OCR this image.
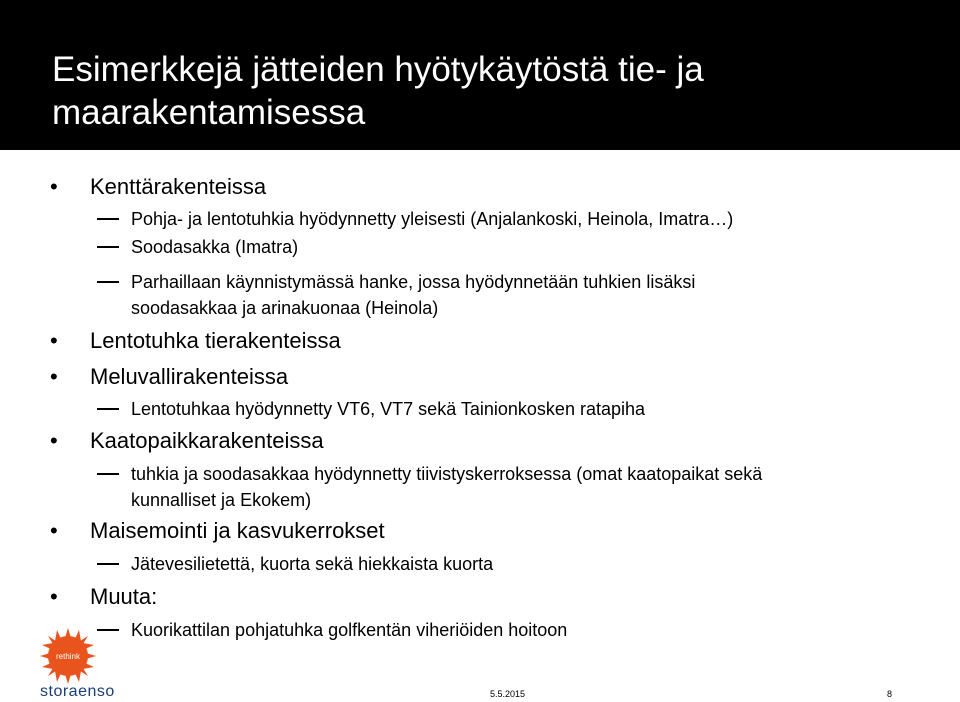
Esimerkkejä jätteiden hyötykäytöstä tie- ja
maarakentamisessa
• Kenttärakenteissa
Pohja- ja lentotuhkia hyödynnetty yleisesti (Anjalankoski, Heinola, Imatra…)
Soodasakka (Imatra)
Parhaillaan käynnistymässä hanke, jossa hyödynnetään tuhkien lisäksi
soodasakkaa ja arinakuonaa (Heinola)
• Lentotuhka tierakenteissa
• Meluvallirakenteissa
Lentotuhkaa hyödynnetty VT6, VT7 sekä Tainionkosken ratapiha
• Kaatopaikkarakenteissa
tuhkia ja soodasakkaa hyödynnetty tiivistyskerroksessa (omat kaatopaikat sekä
kunnalliset ja Ekokem)
• Maisemointi ja kasvukerrokset
Jätevesilietettä, kuorta sekä hiekkaista kuorta
• Muuta:
Kuorikattilan pohjatuhka golfkentän viheriöiden hoitoon
rethink
storaenso	5.5.2015	8
